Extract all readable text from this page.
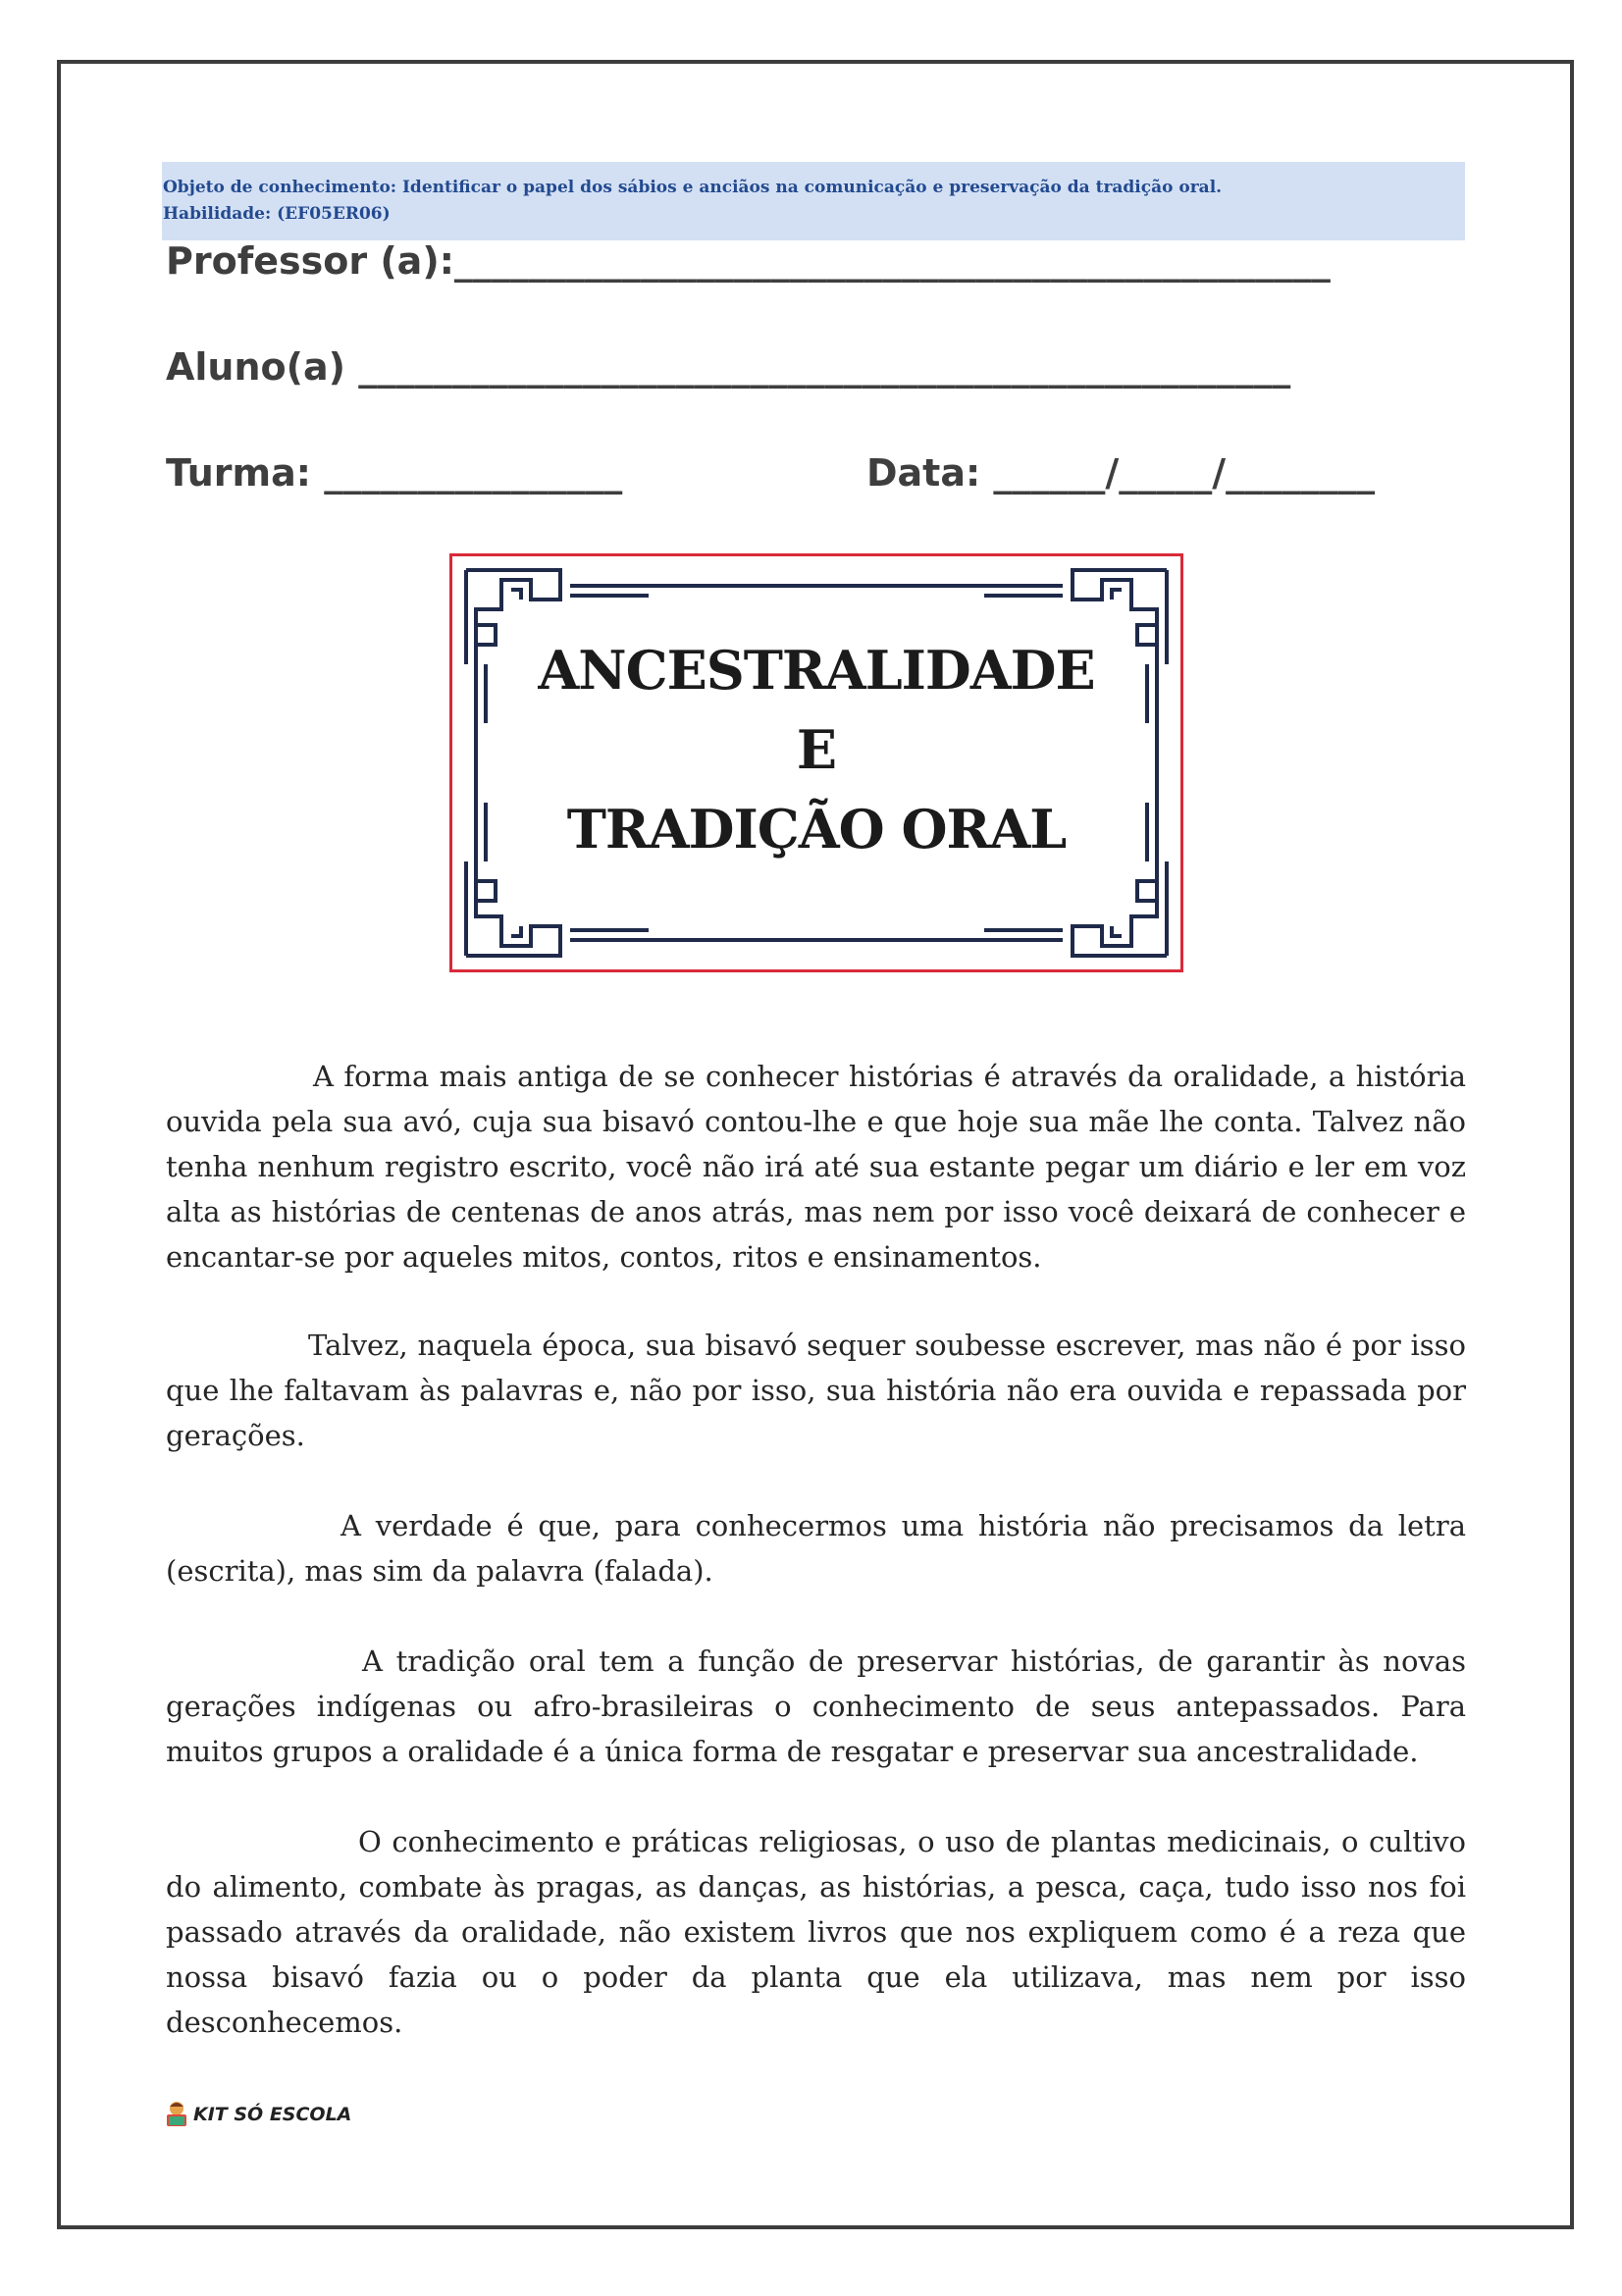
Objeto de conhecimento: Identificar o papel dos sábios e anciãos na comunicação e preservação da tradição oral.
Habilidade: (EF05ER06)
Professor (a):_______________________________________________
Aluno(a) __________________________________________________
Turma: ________________	Data: ______/_____/________
ANCESTRALIDADE
E
TRADIÇÃO ORAL

A forma mais antiga de se conhecer histórias é através da oralidade, a história ouvida pela sua avó, cuja sua bisavó contou-lhe e que hoje sua mãe lhe conta. Talvez não tenha nenhum registro escrito, você não irá até sua estante pegar um diário e ler em voz alta as histórias de centenas de anos atrás, mas nem por isso você deixará de conhecer e encantar-se por aqueles mitos, contos, ritos e ensinamentos.

Talvez, naquela época, sua bisavó sequer soubesse escrever, mas não é por isso que lhe faltavam às palavras e, não por isso, sua história não era ouvida e repassada por gerações.

A verdade é que, para conhecermos uma história não precisamos da letra (escrita), mas sim da palavra (falada).

A tradição oral tem a função de preservar histórias, de garantir às novas gerações indígenas ou afro-brasileiras o conhecimento de seus antepassados. Para muitos grupos a oralidade é a única forma de resgatar e preservar sua ancestralidade.

O conhecimento e práticas religiosas, o uso de plantas medicinais, o cultivo do alimento, combate às pragas, as danças, as histórias, a pesca, caça, tudo isso nos foi passado através da oralidade, não existem livros que nos expliquem como é a reza que nossa bisavó fazia ou o poder da planta que ela utilizava, mas nem por isso desconhecemos.

KIT SÓ ESCOLA
